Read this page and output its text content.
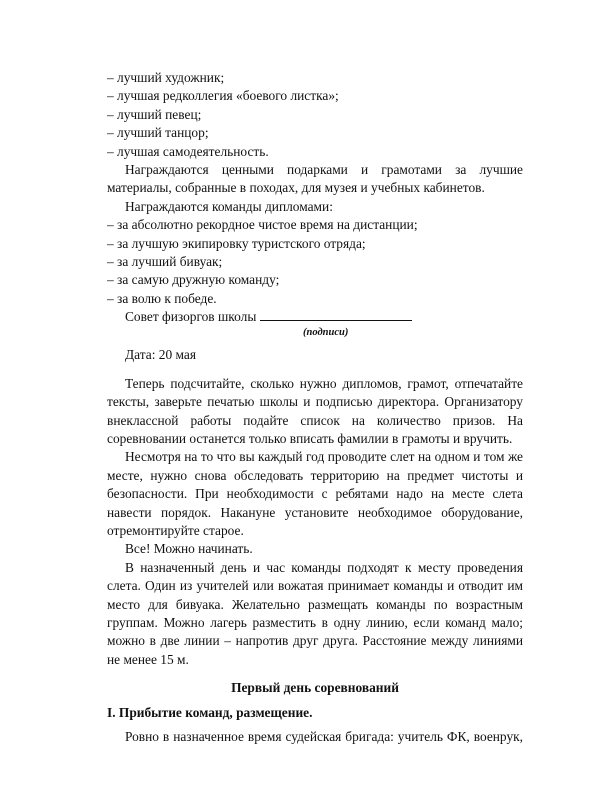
– лучший художник;
– лучшая редколлегия «боевого листка»;
– лучший певец;
– лучший танцор;
– лучшая самодеятельность.
Награждаются ценными подарками и грамотами за лучшие
материалы, собранные в походах, для музея и учебных кабинетов.
Награждаются команды дипломами:
– за абсолютно рекордное чистое время на дистанции;
– за лучшую экипировку туристского отряда;
– за лучший бивуак;
– за самую дружную команду;
– за волю к победе.
Совет физоргов школы
(подписи)
Дата: 20 мая
Теперь подсчитайте, сколько нужно дипломов, грамот, отпечатайте
тексты, заверьте печатью школы и подписью директора. Организатору
внеклассной работы подайте список на количество призов. На
соревновании останется только вписать фамилии в грамоты и вручить.
Несмотря на то что вы каждый год проводите слет на одном и том же
месте, нужно снова обследовать территорию на предмет чистоты и
безопасности. При необходимости с ребятами надо на месте слета
навести порядок. Накануне установите необходимое оборудование,
отремонтируйте старое.
Все! Можно начинать.
В назначенный день и час команды подходят к месту проведения
слета. Один из учителей или вожатая принимает команды и отводит им
место для бивуака. Желательно размещать команды по возрастным
группам. Можно лагерь разместить в одну линию, если команд мало;
можно в две линии – напротив друг друга. Расстояние между линиями
не менее 15 м.
Первый день соревнований
I. Прибытие команд, размещение.
Ровно в назначенное время судейская бригада: учитель ФК, военрук,
